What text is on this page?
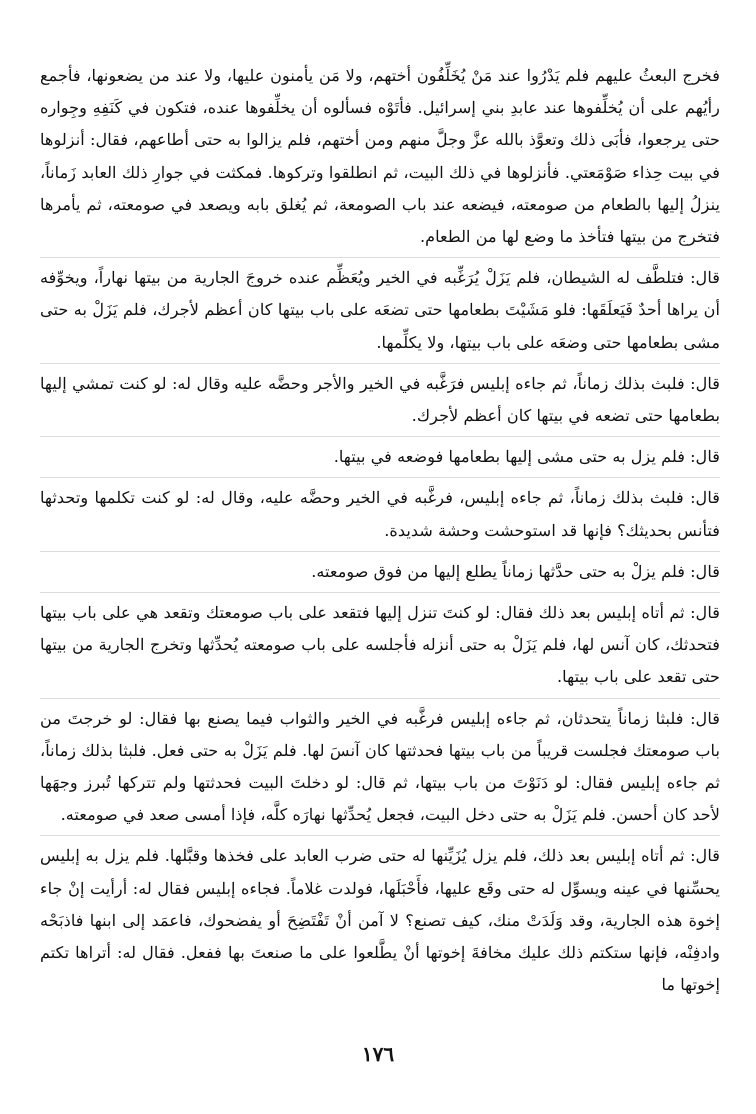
فخرج البعثُ عليهم فلم يَدْرُوا عند مَنْ يُخَلِّفُون أختهم، ولا مَن يأمنون عليها، ولا عند من يضعونها، فأجمع رأيُهم على أن يُخلِّفوها عند عابدِ بني إسرائيل. فأتَوْه فسألوه أن يخلِّفوها عنده، فتكون في كَنَفِهِ وجِواره حتى يرجعوا، فأبَى ذلك وتعوَّذ بالله عزَّ وجلَّ منهم ومن أختهم، فلم يزالوا به حتى أطاعهم، فقال: أنزلوها في بيت حِذاء صَوْمَعتي. فأنزلوها في ذلك البيت، ثم انطلقوا وتركوها. فمكثت في جوارِ ذلك العابد زَماناً، ينزلُ إليها بالطعام من صومعته، فيضعه عند باب الصومعة، ثم يُغلق بابه ويصعد في صومعته، ثم يأمرها فتخرج من بيتها فتأخذ ما وضع لها من الطعام.

قال: فتلطَّف له الشيطان، فلم يَزَلْ يُرَغِّبه في الخير ويُعَظِّم عنده خروجَ الجارية من بيتها نهاراً، ويخوِّفه أن يراها أحدٌ فَيَعلَقَها: فلو مَشَيْتَ بطعامها حتى تضعَه على باب بيتها كان أعظم لأجرك، فلم يَزَلْ به حتى مشى بطعامها حتى وضعَه على باب بيتها، ولا يكلِّمها.

قال: فلبث بذلك زماناً، ثم جاءه إبليس فرَغَّبه في الخير والأجر وحضَّه عليه وقال له: لو كنت تمشي إليها بطعامها حتى تضعه في بيتها كان أعظم لأجرك.

قال: فلم يزل به حتى مشى إليها بطعامها فوضعه في بيتها.

قال: فلبث بذلك زماناً، ثم جاءه إبليس، فرغَّبه في الخير وحضَّه عليه، وقال له: لو كنت تكلمها وتحدثها فتأنس بحديثك؟ فإنها قد استوحشت وحشة شديدة.

قال: فلم يزلْ به حتى حدَّثها زماناً يطلع إليها من فوق صومعته.

قال: ثم أتاه إبليس بعد ذلك فقال: لو كنتَ تنزل إليها فتقعد على باب صومعتك وتقعد هي على باب بيتها فتحدثك، كان آنس لها، فلم يَزَلْ به حتى أنزله فأجلسه على باب صومعته يُحدِّثها وتخرج الجارية من بيتها حتى تقعد على باب بيتها.

قال: فلبثا زماناً يتحدثان، ثم جاءه إبليس فرغَّبه في الخير والثواب فيما يصنع بها فقال: لو خرجتَ من باب صومعتك فجلست قريباً من باب بيتها فحدثتها كان آنسَ لها. فلم يَزَلْ به حتى فعل. فلبثا بذلك زماناً، ثم جاءه إبليس فقال: لو دَنَوْتَ من باب بيتها، ثم قال: لو دخلتَ البيت فحدثتها ولم تتركها تُبرز وجهَها لأحد كان أحسن. فلم يَزَلْ به حتى دخل البيت، فجعل يُحدِّثها نهارَه كلَّه، فإذا أمسى صعد في صومعته.

قال: ثم أتاه إبليس بعد ذلك، فلم يزل يُزَيِّنها له حتى ضرب العابد على فخذها وقبَّلها. فلم يزل به إبليس يحسِّنها في عينه ويسوِّل له حتى وقَع عليها، فأَحْبَلَها، فولدت غلاماً. فجاءه إبليس فقال له: أرأيت إنْ جاء إخوة هذه الجارية، وقد وَلَدَتْ منك، كيف تصنع؟ لا آمن أنْ تَفْتَضِحَ أو يفضحوك، فاعمَد إلى ابنها فاذبَحْه وادفِنْه، فإنها ستكتم ذلك عليك مخافةَ إخوتها أنْ يطَّلعوا على ما صنعتَ بها ففعل. فقال له: أتراها تكتم إخوتها ما

١٧٦
